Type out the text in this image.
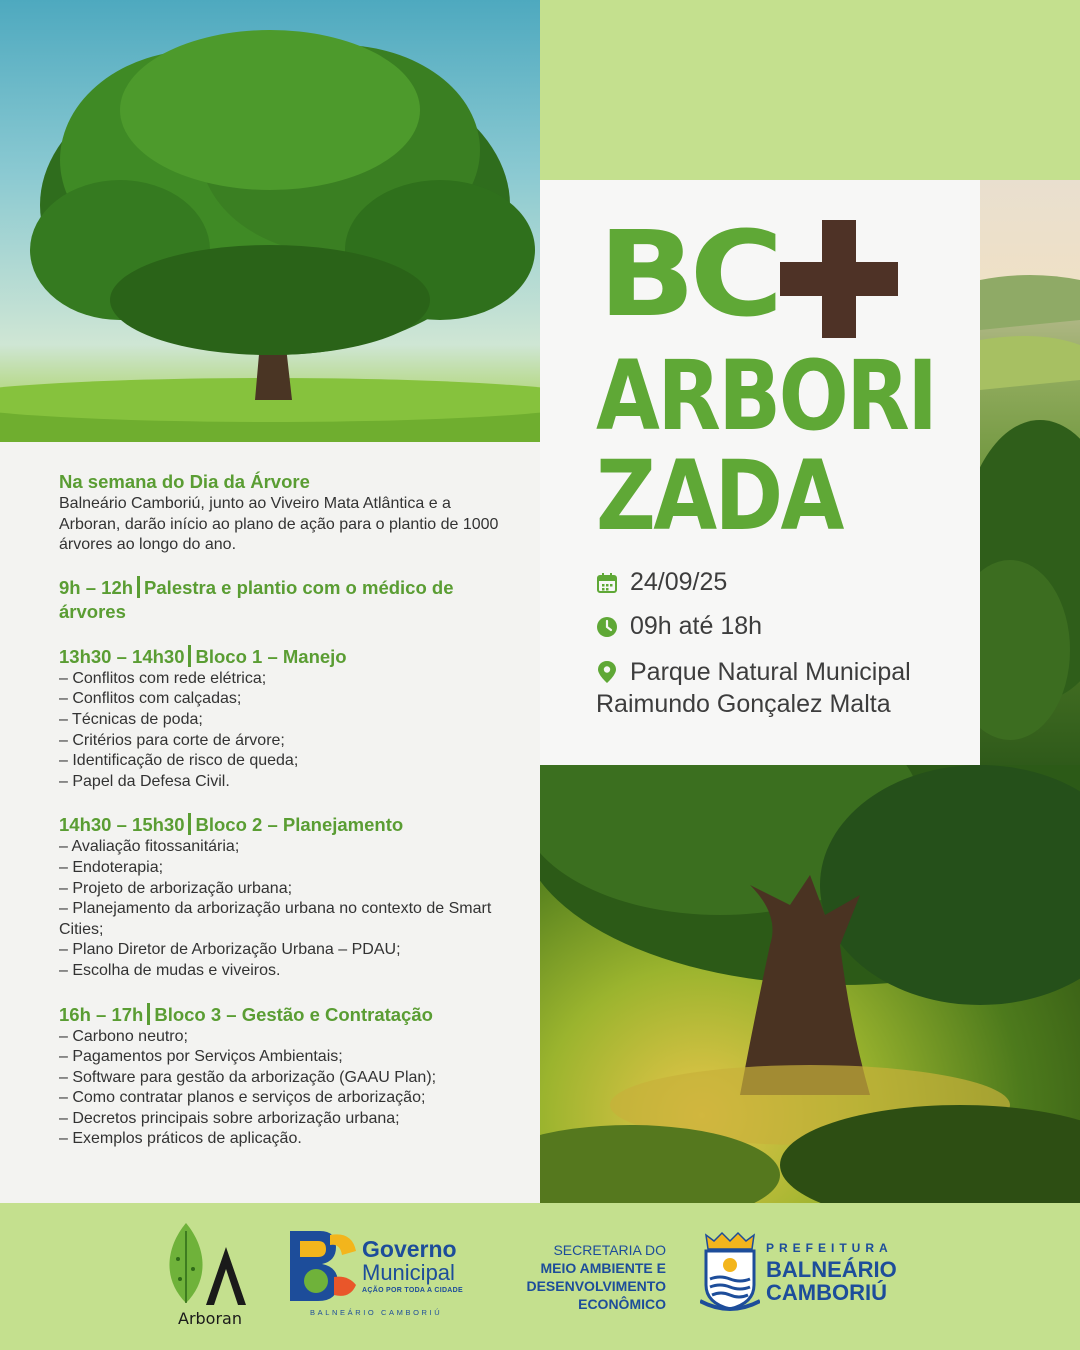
BC
ARBORI
ZADA
24/09/25
09h até 18h
Parque Natural Municipal
Raimundo Gonçalez Malta
Na semana do Dia da Árvore
Balneário Camboriú, junto ao Viveiro Mata Atlântica e a Arboran, darão início ao plano de ação para o plantio de 1000 árvores ao longo do ano.
9h – 12h Palestra e plantio com o médico de árvores
13h30 – 14h30 Bloco 1 – Manejo
– Conflitos com rede elétrica;
– Conflitos com calçadas;
– Técnicas de poda;
– Critérios para corte de árvore;
– Identificação de risco de queda;
– Papel da Defesa Civil.
14h30 – 15h30 Bloco 2 – Planejamento
– Avaliação fitossanitária;
– Endoterapia;
– Projeto de arborização urbana;
– Planejamento da arborização urbana no contexto de Smart Cities;
– Plano Diretor de Arborização Urbana – PDAU;
– Escolha de mudas e viveiros.
16h – 17h Bloco 3 – Gestão e Contratação
– Carbono neutro;
– Pagamentos por Serviços Ambientais;
– Software para gestão da arborização (GAAU Plan);
– Como contratar planos e serviços de arborização;
– Decretos principais sobre arborização urbana;
– Exemplos práticos de aplicação.
Arboran
Governo
Municipal
AÇÃO POR TODA A CIDADE
BALNEÁRIO CAMBORIÚ
SECRETARIA DO
MEIO AMBIENTE E
DESENVOLVIMENTO
ECONÔMICO
PREFEITURA
BALNEÁRIO
CAMBORIÚ
